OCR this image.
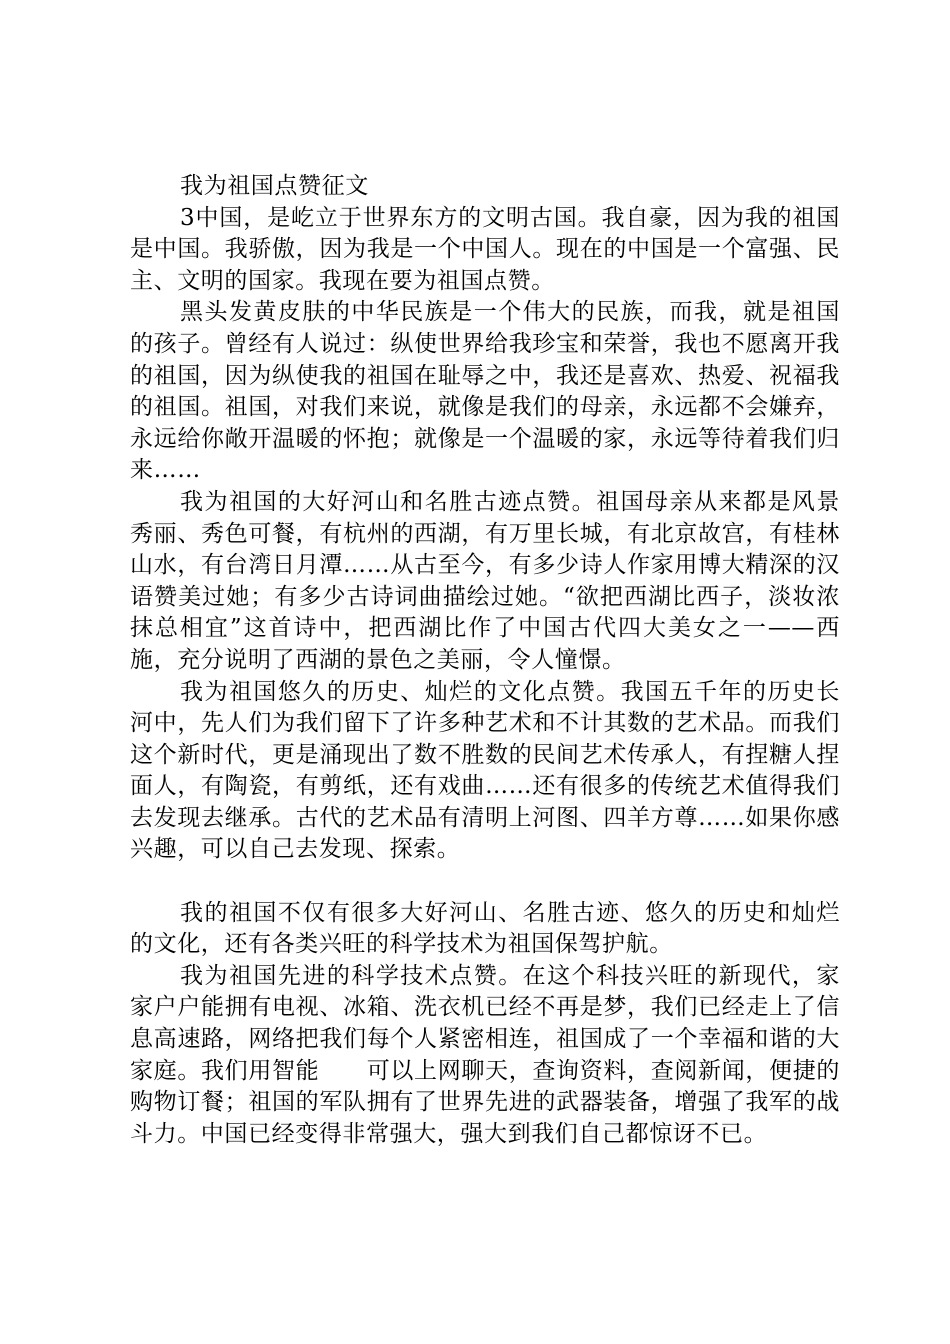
我为祖国点赞征文

3中国，是屹立于世界东方的文明古国。我自豪，因为我的祖国是中国。我骄傲，因为我是一个中国人。现在的中国是一个富强、民主、文明的国家。我现在要为祖国点赞。

黑头发黄皮肤的中华民族是一个伟大的民族，而我，就是祖国的孩子。曾经有人说过：纵使世界给我珍宝和荣誉，我也不愿离开我的祖国，因为纵使我的祖国在耻辱之中，我还是喜欢、热爱、祝福我的祖国。祖国，对我们来说，就像是我们的母亲，永远都不会嫌弃，永远给你敞开温暖的怀抱；就像是一个温暖的家，永远等待着我们归来……

我为祖国的大好河山和名胜古迹点赞。祖国母亲从来都是风景秀丽、秀色可餐，有杭州的西湖，有万里长城，有北京故宫，有桂林山水，有台湾日月潭……从古至今，有多少诗人作家用博大精深的汉语赞美过她；有多少古诗词曲描绘过她。“欲把西湖比西子，淡妆浓抹总相宜”这首诗中，把西湖比作了中国古代四大美女之一——西施，充分说明了西湖的景色之美丽，令人憧憬。

我为祖国悠久的历史、灿烂的文化点赞。我国五千年的历史长河中，先人们为我们留下了许多种艺术和不计其数的艺术品。而我们这个新时代，更是涌现出了数不胜数的民间艺术传承人，有捏糖人捏面人，有陶瓷，有剪纸，还有戏曲……还有很多的传统艺术值得我们去发现去继承。古代的艺术品有清明上河图、四羊方尊……如果你感兴趣，可以自己去发现、探索。

我的祖国不仅有很多大好河山、名胜古迹、悠久的历史和灿烂的文化，还有各类兴旺的科学技术为祖国保驾护航。

我为祖国先进的科学技术点赞。在这个科技兴旺的新现代，家家户户能拥有电视、冰箱、洗衣机已经不再是梦，我们已经走上了信息高速路，网络把我们每个人紧密相连，祖国成了一个幸福和谐的大家庭。我们用智能　　可以上网聊天，查询资料，查阅新闻，便捷的购物订餐；祖国的军队拥有了世界先进的武器装备，增强了我军的战斗力。中国已经变得非常强大，强大到我们自己都惊讶不已。
